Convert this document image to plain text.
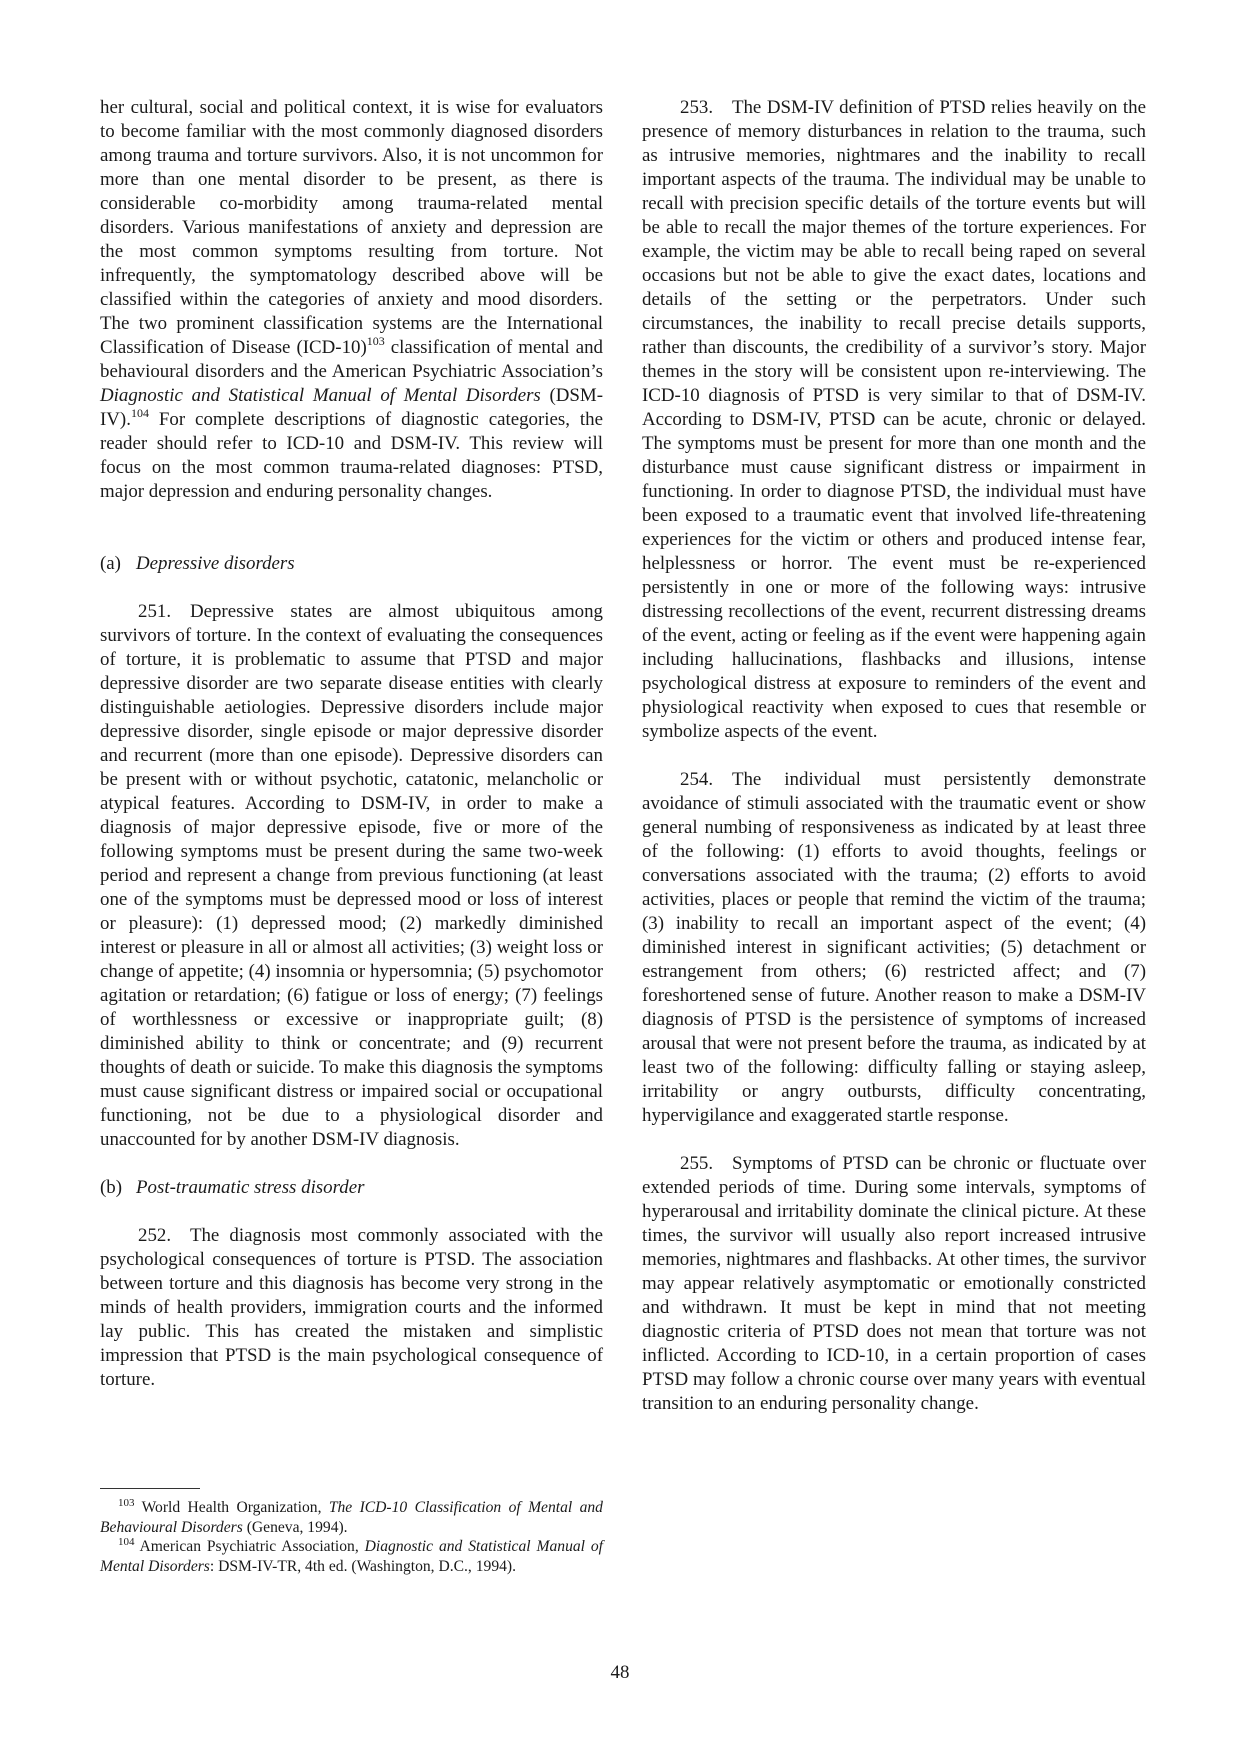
her cultural, social and political context, it is wise for evaluators to become familiar with the most commonly diagnosed disorders among trauma and torture survivors. Also, it is not uncommon for more than one mental disorder to be present, as there is considerable co-morbidity among trauma-related mental disorders. Various manifestations of anxiety and depression are the most common symptoms resulting from torture. Not infrequently, the symptomatology described above will be classified within the categories of anxiety and mood disorders. The two prominent classification systems are the International Classification of Disease $(ICD-10)^{103}$ classification of mental and behavioural disorders and the American Psychiatric Association’s Diagnostic and Statistical Manual of Mental Disorders (DSM-IV).$^{104}$ For complete descriptions of diagnostic categories, the reader should refer to ICD-10 and DSM-IV. This review will focus on the most common trauma-related diagnoses: PTSD, major depression and enduring personality changes.

(a) Depressive disorders

251. Depressive states are almost ubiquitous among survivors of torture. In the context of evaluating the consequences of torture, it is problematic to assume that PTSD and major depressive disorder are two separate disease entities with clearly distinguishable aetiologies. Depressive disorders include major depressive disorder, single episode or major depressive disorder and recurrent (more than one episode). Depressive disorders can be present with or without psychotic, catatonic, melancholic or atypical features. According to DSM-IV, in order to make a diagnosis of major depressive episode, five or more of the following symptoms must be present during the same two-week period and represent a change from previous functioning (at least one of the symptoms must be depressed mood or loss of interest or pleasure): (1) depressed mood; (2) markedly diminished interest or pleasure in all or almost all activities; (3) weight loss or change of appetite; (4) insomnia or hypersomnia; (5) psychomotor agitation or retardation; (6) fatigue or loss of energy; (7) feelings of worthlessness or excessive or inappropriate guilt; (8) diminished ability to think or concentrate; and (9) recurrent thoughts of death or suicide. To make this diagnosis the symptoms must cause significant distress or impaired social or occupational functioning, not be due to a physiological disorder and unaccounted for by another DSM-IV diagnosis.

(b) Post-traumatic stress disorder

252. The diagnosis most commonly associated with the psychological consequences of torture is PTSD. The association between torture and this diagnosis has become very strong in the minds of health providers, immigration courts and the informed lay public. This has created the mistaken and simplistic impression that PTSD is the main psychological consequence of torture.

253. The DSM-IV definition of PTSD relies heavily on the presence of memory disturbances in relation to the trauma, such as intrusive memories, nightmares and the inability to recall important aspects of the trauma. The individual may be unable to recall with precision specific details of the torture events but will be able to recall the major themes of the torture experiences. For example, the victim may be able to recall being raped on several occasions but not be able to give the exact dates, locations and details of the setting or the perpetrators. Under such circumstances, the inability to recall precise details supports, rather than discounts, the credibility of a survivor’s story. Major themes in the story will be consistent upon re-interviewing. The ICD-10 diagnosis of PTSD is very similar to that of DSM-IV. According to DSM-IV, PTSD can be acute, chronic or delayed. The symptoms must be present for more than one month and the disturbance must cause significant distress or impairment in functioning. In order to diagnose PTSD, the individual must have been exposed to a traumatic event that involved life-threatening experiences for the victim or others and produced intense fear, helplessness or horror. The event must be re-experienced persistently in one or more of the following ways: intrusive distressing recollections of the event, recurrent distressing dreams of the event, acting or feeling as if the event were happening again including hallucinations, flashbacks and illusions, intense psychological distress at exposure to reminders of the event and physiological reactivity when exposed to cues that resemble or symbolize aspects of the event.

254. The individual must persistently demonstrate avoidance of stimuli associated with the traumatic event or show general numbing of responsiveness as indicated by at least three of the following: (1) efforts to avoid thoughts, feelings or conversations associated with the trauma; (2) efforts to avoid activities, places or people that remind the victim of the trauma; (3) inability to recall an important aspect of the event; (4) diminished interest in significant activities; (5) detachment or estrangement from others; (6) restricted affect; and (7) foreshortened sense of future. Another reason to make a DSM-IV diagnosis of PTSD is the persistence of symptoms of increased arousal that were not present before the trauma, as indicated by at least two of the following: difficulty falling or staying asleep, irritability or angry outbursts, difficulty concentrating, hypervigilance and exaggerated startle response.

255. Symptoms of PTSD can be chronic or fluctuate over extended periods of time. During some intervals, symptoms of hyperarousal and irritability dominate the clinical picture. At these times, the survivor will usually also report increased intrusive memories, nightmares and flashbacks. At other times, the survivor may appear relatively asymptomatic or emotionally constricted and withdrawn. It must be kept in mind that not meeting diagnostic criteria of PTSD does not mean that torture was not inflicted. According to ICD-10, in a certain proportion of cases PTSD may follow a chronic course over many years with eventual transition to an enduring personality change.

$^{103}$ World Health Organization, The ICD-10 Classification of Mental and Behavioural Disorders (Geneva, 1994).

$^{104}$ American Psychiatric Association, Diagnostic and Statistical Manual of Mental Disorders: DSM-IV-TR, 4th ed. (Washington, D.C., 1994).

48
